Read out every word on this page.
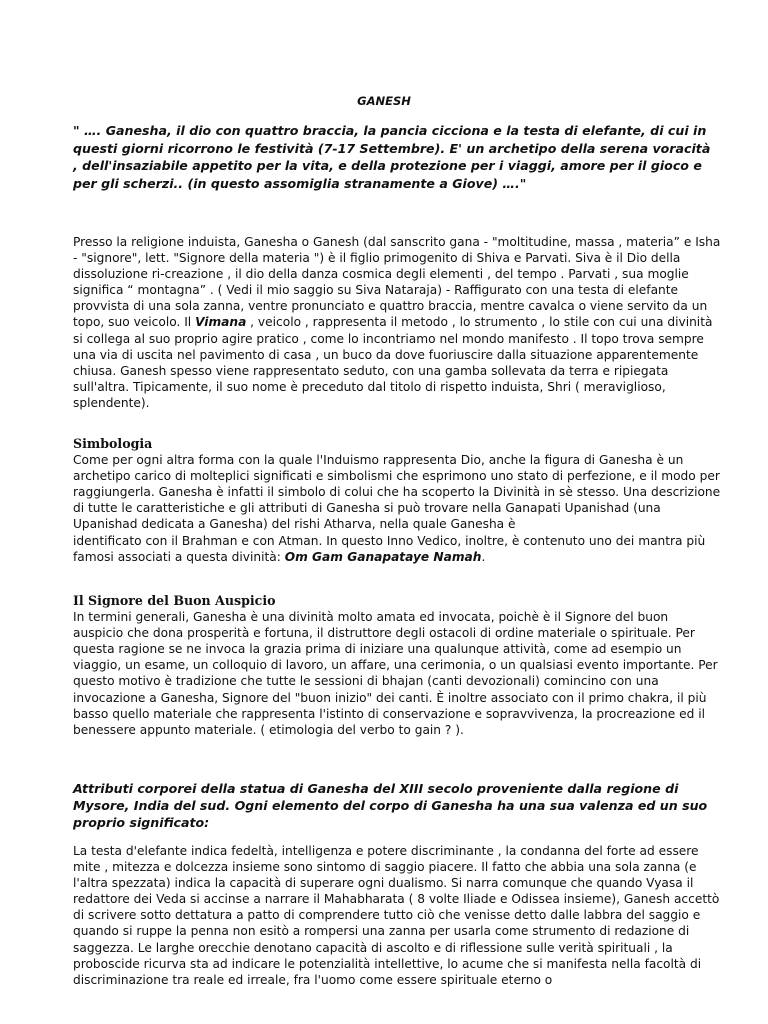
GANESH
" …. Ganesha, il dio con quattro braccia, la pancia cicciona e la testa di elefante, di cui in questi giorni ricorrono le festività (7-17 Settembre). E' un archetipo della serena voracità , dell'insaziabile appetito per la vita, e della protezione per i viaggi, amore per il gioco e per gli scherzi.. (in questo assomiglia stranamente a Giove) …."

Presso la religione induista, Ganesha o Ganesh (dal sanscrito gana - "moltitudine, massa , materia” e Isha - "signore", lett. "Signore della materia ") è il figlio primogenito di Shiva e Parvati. Siva è il Dio della dissoluzione ri-creazione , il dio della danza cosmica degli elementi , del tempo . Parvati , sua moglie significa “ montagna” . ( Vedi il mio saggio su Siva Nataraja) - Raffigurato con una testa di elefante provvista di una sola zanna, ventre pronunciato e quattro braccia, mentre cavalca o viene servito da un topo, suo veicolo. Il Vimana , veicolo , rappresenta il metodo , lo strumento , lo stile con cui una divinità si collega al suo proprio agire pratico , come lo incontriamo nel mondo manifesto . Il topo trova sempre una via di uscita nel pavimento di casa , un buco da dove fuoriuscire dalla situazione apparentemente chiusa. Ganesh spesso viene rappresentato seduto, con una gamba sollevata da terra e ripiegata sull'altra. Tipicamente, il suo nome è preceduto dal titolo di rispetto induista, Shri ( meraviglioso, splendente).

Simbologia

Come per ogni altra forma con la quale l'Induismo rappresenta Dio, anche la figura di Ganesha è un archetipo carico di molteplici significati e simbolismi che esprimono uno stato di perfezione, e il modo per raggiungerla. Ganesha è infatti il simbolo di colui che ha scoperto la Divinità in sè stesso. Una descrizione di tutte le caratteristiche e gli attributi di Ganesha si può trovare nella Ganapati Upanishad (una Upanishad dedicata a Ganesha) del rishi Atharva, nella quale Ganesha è

identificato con il Brahman e con Atman. In questo Inno Vedico, inoltre, è contenuto uno dei mantra più famosi associati a questa divinità: Om Gam Ganapataye Namah.

Il Signore del Buon Auspicio

In termini generali, Ganesha è una divinità molto amata ed invocata, poichè è il Signore del buon auspicio che dona prosperità e fortuna, il distruttore degli ostacoli di ordine materiale o spirituale. Per questa ragione se ne invoca la grazia prima di iniziare una qualunque attività, come ad esempio un viaggio, un esame, un colloquio di lavoro, un affare, una cerimonia, o un qualsiasi evento importante. Per questo motivo è tradizione che tutte le sessioni di bhajan (canti devozionali) comincino con una invocazione a Ganesha, Signore del "buon inizio" dei canti. È inoltre associato con il primo chakra, il più basso quello materiale che rappresenta l'istinto di conservazione e sopravvivenza, la procreazione ed il benessere appunto materiale. ( etimologia del verbo to gain ? ).

Attributi corporei della statua di Ganesha del XIII secolo proveniente dalla regione di Mysore, India del sud. Ogni elemento del corpo di Ganesha ha una sua valenza ed un suo proprio significato:

La testa d'elefante indica fedeltà, intelligenza e potere discriminante , la condanna del forte ad essere mite , mitezza e dolcezza insieme sono sintomo di saggio piacere. Il fatto che abbia una sola zanna (e l'altra spezzata) indica la capacità di superare ogni dualismo. Si narra comunque che quando Vyasa il redattore dei Veda si accinse a narrare il Mahabharata ( 8 volte Iliade e Odissea insieme), Ganesh accettò di scrivere sotto dettatura a patto di comprendere tutto ciò che venisse detto dalle labbra del saggio e quando si ruppe la penna non esitò a rompersi una zanna per usarla come strumento di redazione di saggezza. Le larghe orecchie denotano capacità di ascolto e di riflessione sulle verità spirituali , la proboscide ricurva sta ad indicare le potenzialità intellettive, lo acume che si manifesta nella facoltà di discriminazione tra reale ed irreale, fra l'uomo come essere spirituale eterno o
